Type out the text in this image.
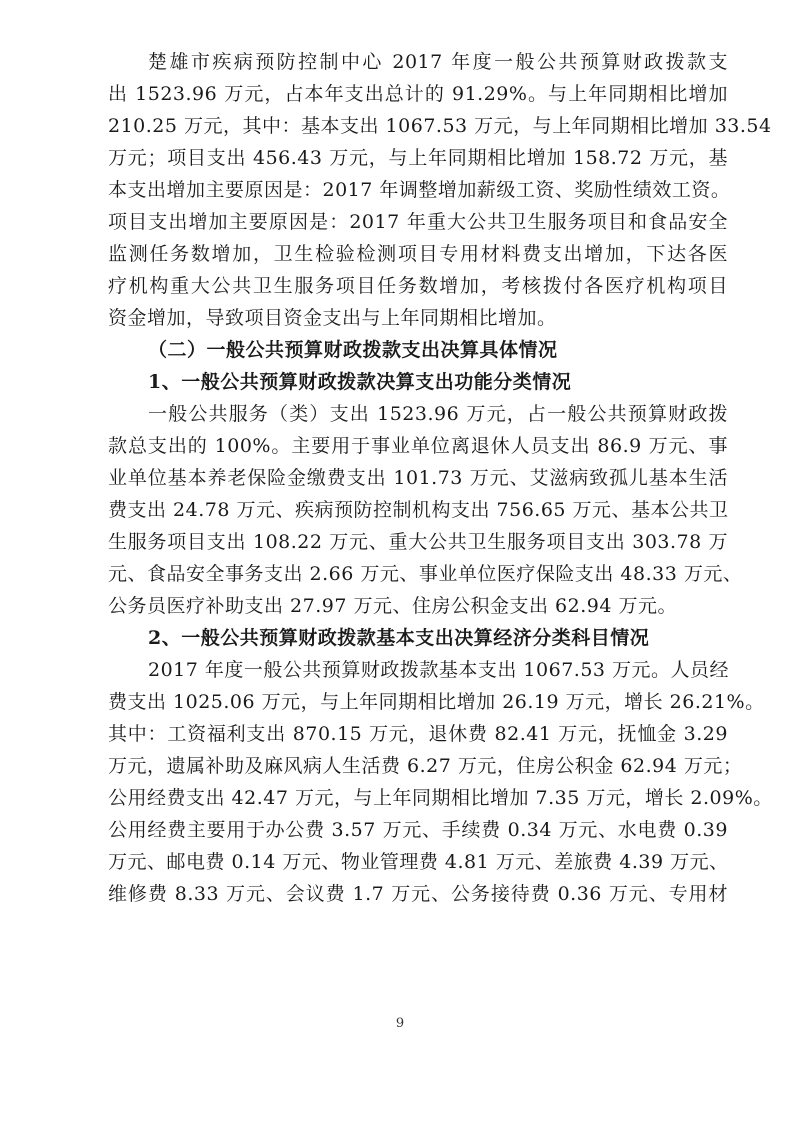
楚雄市疾病预防控制中心 2017 年度一般公共预算财政拨款支
出 1523.96 万元，占本年支出总计的 91.29%。与上年同期相比增加
210.25 万元，其中：基本支出 1067.53 万元，与上年同期相比增加 33.54
万元；项目支出 456.43 万元，与上年同期相比增加 158.72 万元，基
本支出增加主要原因是：2017 年调整增加薪级工资、奖励性绩效工资。
项目支出增加主要原因是：2017 年重大公共卫生服务项目和食品安全
监测任务数增加，卫生检验检测项目专用材料费支出增加，下达各医
疗机构重大公共卫生服务项目任务数增加，考核拨付各医疗机构项目
资金增加，导致项目资金支出与上年同期相比增加。
（二）一般公共预算财政拨款支出决算具体情况
1、一般公共预算财政拨款决算支出功能分类情况
一般公共服务（类）支出 1523.96 万元，占一般公共预算财政拨
款总支出的 100%。主要用于事业单位离退休人员支出 86.9 万元、事
业单位基本养老保险金缴费支出 101.73 万元、艾滋病致孤儿基本生活
费支出 24.78 万元、疾病预防控制机构支出 756.65 万元、基本公共卫
生服务项目支出 108.22 万元、重大公共卫生服务项目支出 303.78 万
元、食品安全事务支出 2.66 万元、事业单位医疗保险支出 48.33 万元、
公务员医疗补助支出 27.97 万元、住房公积金支出 62.94 万元。
2、一般公共预算财政拨款基本支出决算经济分类科目情况
2017 年度一般公共预算财政拨款基本支出 1067.53 万元。人员经
费支出 1025.06 万元，与上年同期相比增加 26.19 万元，增长 26.21%。
其中：工资福利支出 870.15 万元，退休费 82.41 万元，抚恤金 3.29
万元，遗属补助及麻风病人生活费 6.27 万元，住房公积金 62.94 万元；
公用经费支出 42.47 万元，与上年同期相比增加 7.35 万元，增长 2.09%。
公用经费主要用于办公费 3.57 万元、手续费 0.34 万元、水电费 0.39
万元、邮电费 0.14 万元、物业管理费 4.81 万元、差旅费 4.39 万元、
维修费 8.33 万元、会议费 1.7 万元、公务接待费 0.36 万元、专用材
9
